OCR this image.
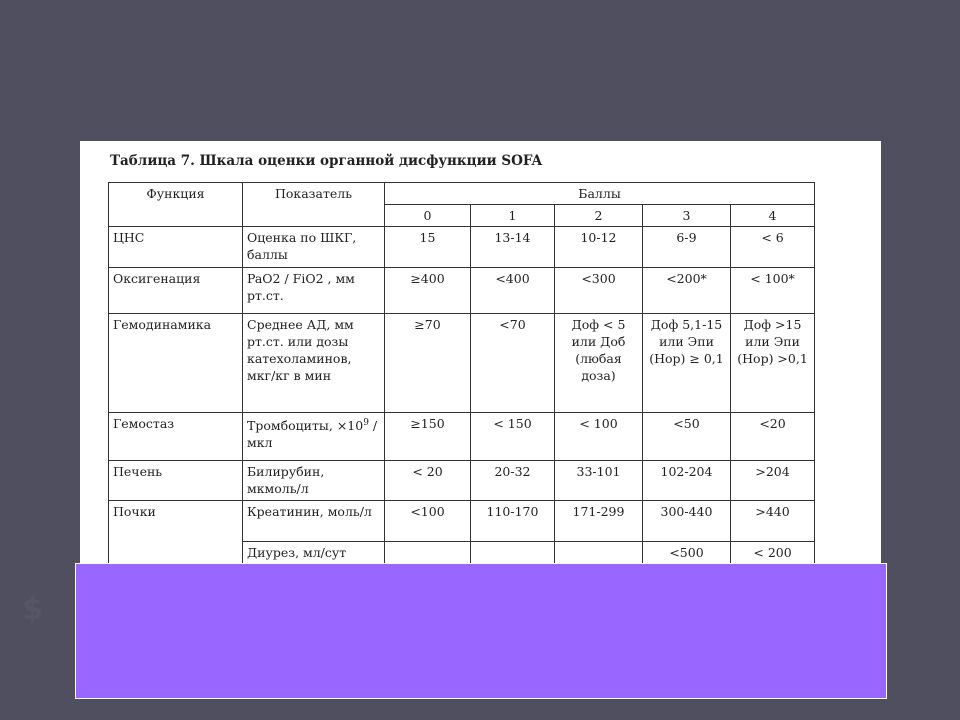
$
Таблица 7. Шкала оценки органной дисфункции SOFA
Функция	Показатель	Баллы				
		0	1	2	3	4
ЦНС	Оценка по ШКГ, баллы	15	13-14	10-12	6-9	< 6
Оксигенация	PaO2 / FiO2 , мм рт.ст.	≥400	<400	<300	<200*	< 100*
Гемодинамика	Среднее АД, мм рт.ст. или дозы катехоламинов, мкг/кг в мин	≥70	<70	Доф < 5 или Доб (любая доза)	Доф 5,1-15 или Эпи (Нор) ≥ 0,1	Доф >15 или Эпи (Нор) >0,1
Гемостаз	Тромбоциты, $\times 10^9$ /мкл	≥150	< 150	< 100	<50	<20
Печень	Билирубин, мкмоль/л	< 20	20-32	33-101	102-204	>204
Почки	Креатинин, моль/л	<100	110-170	171-299	300-440	>440
	Диурез, мл/сут				<500	< 200
